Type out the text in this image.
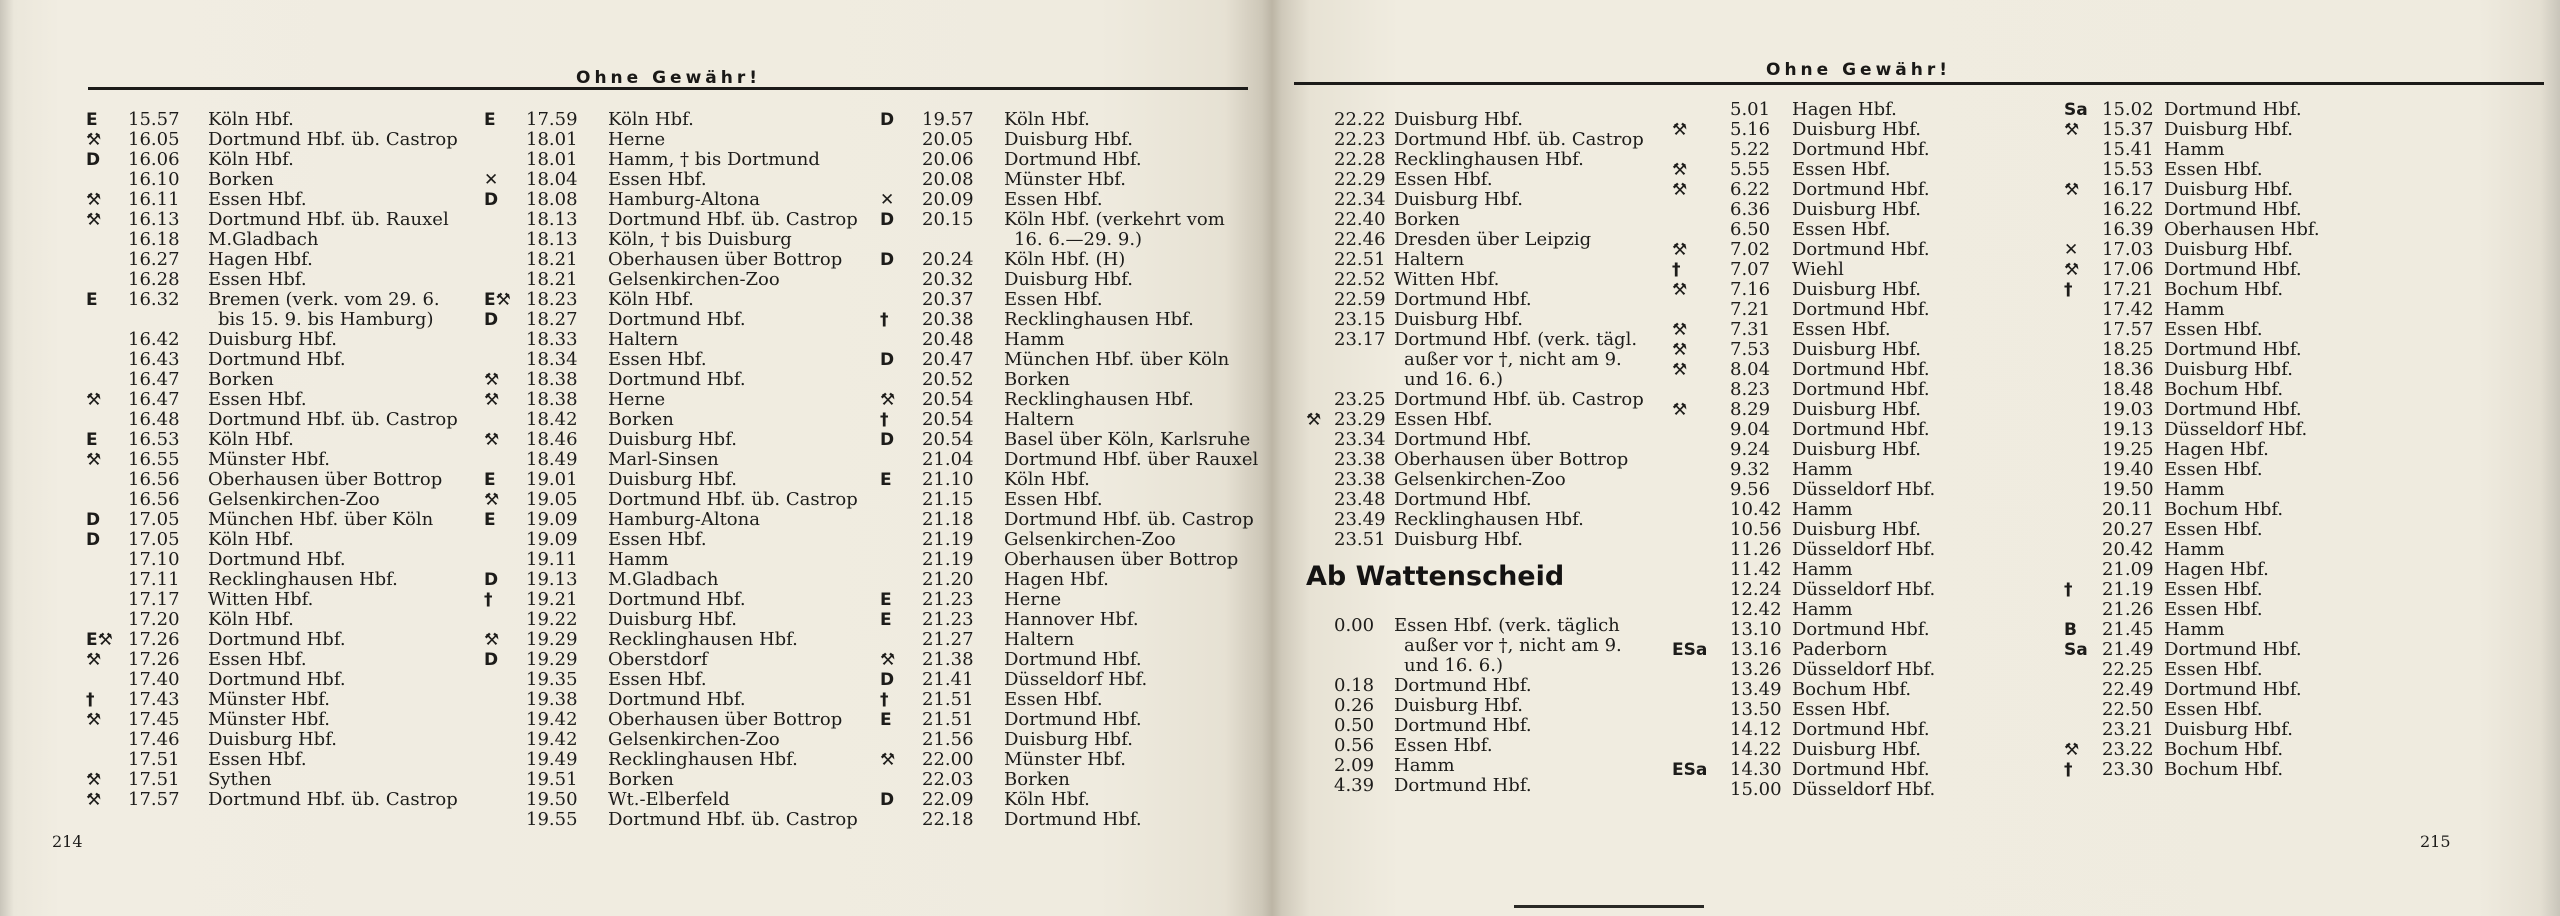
Ohne Gewähr!
E	15.57 Köln Hbf.
⚒	16.05 Dortmund Hbf. üb. Castrop
D	16.06 Köln Hbf.
16.10 Borken
⚒	16.11 Essen Hbf.
⚒	16.13 Dortmund Hbf. üb. Rauxel
16.18 M.Gladbach
16.27 Hagen Hbf.
16.28 Essen Hbf.
E	16.32 Bremen (verk. vom 29. 6.
bis 15. 9. bis Hamburg)
16.42 Duisburg Hbf.
16.43 Dortmund Hbf.
16.47 Borken
⚒	16.47 Essen Hbf.
16.48 Dortmund Hbf. üb. Castrop
E	16.53 Köln Hbf.
⚒	16.55 Münster Hbf.
16.56 Oberhausen über Bottrop
16.56 Gelsenkirchen-Zoo
D	17.05 München Hbf. über Köln
D	17.05 Köln Hbf.
17.10 Dortmund Hbf.
17.11 Recklinghausen Hbf.
17.17 Witten Hbf.
17.20 Köln Hbf.
E⚒ 17.26 Dortmund Hbf.
⚒	17.26 Essen Hbf.
17.40 Dortmund Hbf.
†	17.43 Münster Hbf.
⚒	17.45 Münster Hbf.
17.46 Duisburg Hbf.
17.51 Essen Hbf.
⚒	17.51 Sythen
⚒	17.57 Dortmund Hbf. üb. Castrop
E	17.59 Köln Hbf.
18.01 Herne
18.01 Hamm, † bis Dortmund
✕	18.04 Essen Hbf.
D	18.08 Hamburg-Altona
18.13 Dortmund Hbf. üb. Castrop
18.13 Köln, † bis Duisburg
18.21 Oberhausen über Bottrop
18.21 Gelsenkirchen-Zoo
E⚒ 18.23 Köln Hbf.
D	18.27 Dortmund Hbf.
18.33 Haltern
18.34 Essen Hbf.
⚒	18.38 Dortmund Hbf.
⚒	18.38 Herne
18.42 Borken
⚒	18.46 Duisburg Hbf.
18.49 Marl-Sinsen
E	19.01 Duisburg Hbf.
⚒	19.05 Dortmund Hbf. üb. Castrop
E	19.09 Hamburg-Altona
19.09 Essen Hbf.
19.11 Hamm
D	19.13 M.Gladbach
†	19.21 Dortmund Hbf.
19.22 Duisburg Hbf.
⚒	19.29 Recklinghausen Hbf.
D	19.29 Oberstdorf
19.35 Essen Hbf.
19.38 Dortmund Hbf.
19.42 Oberhausen über Bottrop
19.42 Gelsenkirchen-Zoo
19.49 Recklinghausen Hbf.
19.51 Borken
19.50 Wt.-Elberfeld
19.55 Dortmund Hbf. üb. Castrop
D	19.57 Köln Hbf.
20.05 Duisburg Hbf.
20.06 Dortmund Hbf.
20.08 Münster Hbf.
✕	20.09 Essen Hbf.
D	20.15 Köln Hbf. (verkehrt vom
16. 6.—29. 9.)
D	20.24 Köln Hbf. (H)
20.32 Duisburg Hbf.
20.37 Essen Hbf.
†	20.38 Recklinghausen Hbf.
20.48 Hamm
D	20.47 München Hbf. über Köln
20.52 Borken
⚒	20.54 Recklinghausen Hbf.
†	20.54 Haltern
D	20.54 Basel über Köln, Karlsruhe
21.04 Dortmund Hbf. über Rauxel
E	21.10 Köln Hbf.
21.15 Essen Hbf.
21.18 Dortmund Hbf. üb. Castrop
21.19 Gelsenkirchen-Zoo
21.19 Oberhausen über Bottrop
21.20 Hagen Hbf.
E	21.23 Herne
E	21.23 Hannover Hbf.
21.27 Haltern
⚒	21.38 Dortmund Hbf.
D	21.41 Düsseldorf Hbf.
†	21.51 Essen Hbf.
E	21.51 Dortmund Hbf.
21.56 Duisburg Hbf.
⚒	22.00 Münster Hbf.
22.03 Borken
D	22.09 Köln Hbf.
22.18 Dortmund Hbf.
214
Ohne Gewähr!
22.22 Duisburg Hbf.
22.23 Dortmund Hbf. üb. Castrop
22.28 Recklinghausen Hbf.
22.29 Essen Hbf.
22.34 Duisburg Hbf.
22.40 Borken
22.46 Dresden über Leipzig
22.51 Haltern
22.52 Witten Hbf.
22.59 Dortmund Hbf.
23.15 Duisburg Hbf.
23.17 Dortmund Hbf. (verk. tägl.
außer vor †, nicht am 9.
und 16. 6.)
23.25 Dortmund Hbf. üb. Castrop
⚒ 23.29 Essen Hbf.
23.34 Dortmund Hbf.
23.38 Oberhausen über Bottrop
23.38 Gelsenkirchen-Zoo
23.48 Dortmund Hbf.
23.49 Recklinghausen Hbf.
23.51 Duisburg Hbf.
Ab Wattenscheid
0.00 Essen Hbf. (verk. täglich
außer vor †, nicht am 9.
und 16. 6.)
0.18 Dortmund Hbf.
0.26 Duisburg Hbf.
0.50 Dortmund Hbf.
0.56 Essen Hbf.
2.09 Hamm
4.39 Dortmund Hbf.
5.01 Hagen Hbf.
⚒	5.16 Duisburg Hbf.
5.22 Dortmund Hbf.
⚒	5.55 Essen Hbf.
⚒	6.22 Dortmund Hbf.
6.36 Duisburg Hbf.
6.50 Essen Hbf.
⚒	7.02 Dortmund Hbf.
†	7.07 Wiehl
⚒	7.16 Duisburg Hbf.
7.21 Dortmund Hbf.
⚒	7.31 Essen Hbf.
⚒	7.53 Duisburg Hbf.
⚒	8.04 Dortmund Hbf.
8.23 Dortmund Hbf.
⚒	8.29 Duisburg Hbf.
9.04 Dortmund Hbf.
9.24 Duisburg Hbf.
9.32 Hamm
9.56 Düsseldorf Hbf.
10.42 Hamm
10.56 Duisburg Hbf.
11.26 Düsseldorf Hbf.
11.42 Hamm
12.24 Düsseldorf Hbf.
12.42 Hamm
13.10 Dortmund Hbf.
ESa	13.16 Paderborn
13.26 Düsseldorf Hbf.
13.49 Bochum Hbf.
13.50 Essen Hbf.
14.12 Dortmund Hbf.
14.22 Duisburg Hbf.
ESa	14.30 Dortmund Hbf.
15.00 Düsseldorf Hbf.
Sa 15.02 Dortmund Hbf.
⚒	15.37 Duisburg Hbf.
15.41 Hamm
15.53 Essen Hbf.
⚒	16.17 Duisburg Hbf.
16.22 Dortmund Hbf.
16.39 Oberhausen Hbf.
✕	17.03 Duisburg Hbf.
⚒	17.06 Dortmund Hbf.
†	17.21 Bochum Hbf.
17.42 Hamm
17.57 Essen Hbf.
18.25 Dortmund Hbf.
18.36 Duisburg Hbf.
18.48 Bochum Hbf.
19.03 Dortmund Hbf.
19.13 Düsseldorf Hbf.
19.25 Hagen Hbf.
19.40 Essen Hbf.
19.50 Hamm
20.11 Bochum Hbf.
20.27 Essen Hbf.
20.42 Hamm
21.09 Hagen Hbf.
†	21.19 Essen Hbf.
21.26 Essen Hbf.
B	21.45 Hamm
Sa 21.49 Dortmund Hbf.
22.25 Essen Hbf.
22.49 Dortmund Hbf.
22.50 Essen Hbf.
23.21 Duisburg Hbf.
⚒	23.22 Bochum Hbf.
†	23.30 Bochum Hbf.
215
